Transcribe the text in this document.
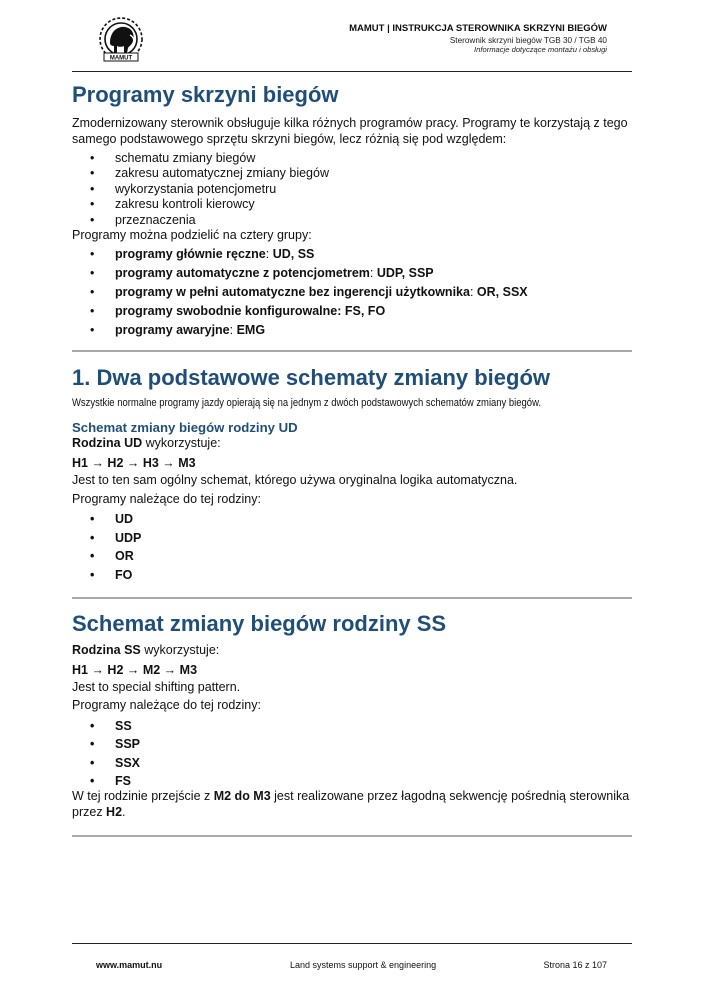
MAMUT
MAMUT | INSTRUKCJA STEROWNIKA SKRZYNI BIEGÓW
Sterownik skrzyni biegów TGB 30 / TGB 40
Informacje dotyczące montażu i obsługi
Programy skrzyni biegów

Zmodernizowany sterownik obsługuje kilka różnych programów pracy. Programy te korzystają z tego samego podstawowego sprzętu skrzyni biegów, lecz różnią się pod względem:

• schematu zmiany biegów
• zakresu automatycznej zmiany biegów
• wykorzystania potencjometru
• zakresu kontroli kierowcy
• przeznaczenia

Programy można podzielić na cztery grupy:

• programy głównie ręczne: UD, SS
• programy automatyczne z potencjometrem: UDP, SSP
• programy w pełni automatyczne bez ingerencji użytkownika: OR, SSX
• programy swobodnie konfigurowalne: FS, FO
• programy awaryjne: EMG
1. Dwa podstawowe schematy zmiany biegów

Wszystkie normalne programy jazdy opierają się na jednym z dwóch podstawowych schematów zmiany biegów.

Schemat zmiany biegów rodziny UD

Rodzina UD wykorzystuje:

H1 → H2 → H3 → M3

Jest to ten sam ogólny schemat, którego używa oryginalna logika automatyczna.

Programy należące do tej rodziny:

• UD
• UDP
• OR
• FO
Schemat zmiany biegów rodziny SS

Rodzina SS wykorzystuje:

H1 → H2 → M2 → M3

Jest to special shifting pattern.

Programy należące do tej rodziny:

• SS
• SSP
• SSX
• FS

W tej rodzinie przejście z M2 do M3 jest realizowane przez łagodną sekwencję pośrednią sterownika przez H2.

www.mamut.nu	Land systems support & engineering	Strona 16 z 107
